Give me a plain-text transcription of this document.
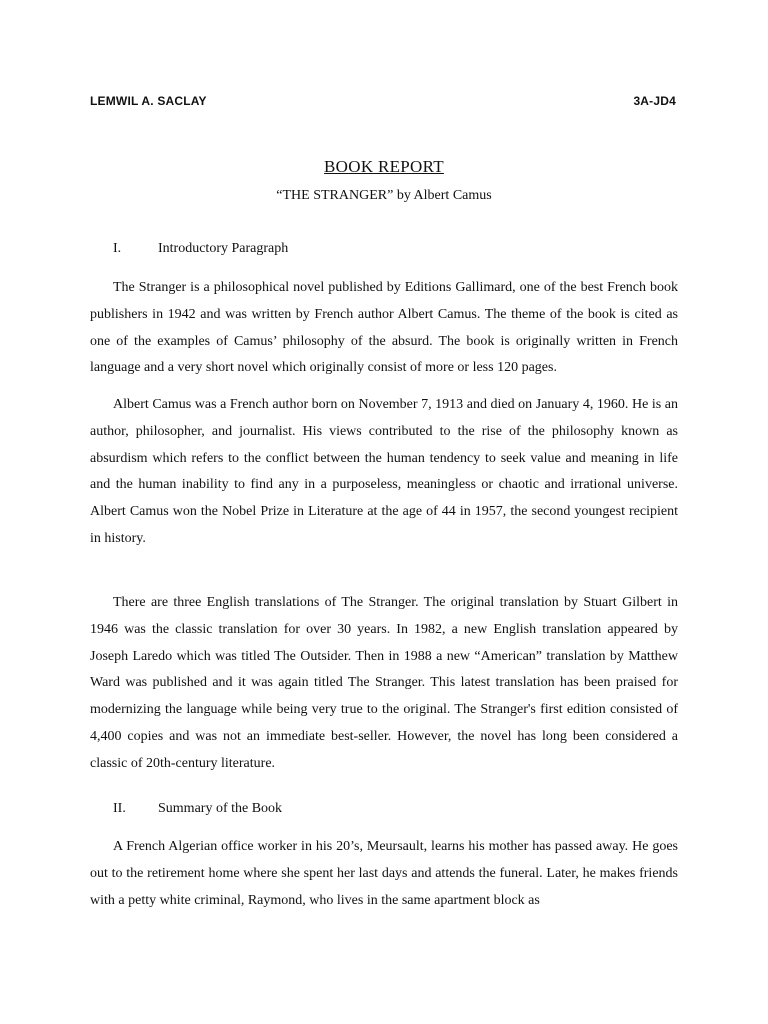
LEMWIL A. SACLAY	3A-JD4
BOOK REPORT
“THE STRANGER” by Albert Camus
I.	Introductory Paragraph

The Stranger is a philosophical novel published by Editions Gallimard, one of the best French book publishers in 1942 and was written by French author Albert Camus. The theme of the book is cited as one of the examples of Camus’ philosophy of the absurd. The book is originally written in French language and a very short novel which originally consist of more or less 120 pages.

Albert Camus was a French author born on November 7, 1913 and died on January 4, 1960. He is an author, philosopher, and journalist. His views contributed to the rise of the philosophy known as absurdism which refers to the conflict between the human tendency to seek value and meaning in life and the human inability to find any in a purposeless, meaningless or chaotic and irrational universe. Albert Camus won the Nobel Prize in Literature at the age of 44 in 1957, the second youngest recipient in history.

There are three English translations of The Stranger. The original translation by Stuart Gilbert in 1946 was the classic translation for over 30 years. In 1982, a new English translation appeared by Joseph Laredo which was titled The Outsider. Then in 1988 a new “American” translation by Matthew Ward was published and it was again titled The Stranger. This latest translation has been praised for modernizing the language while being very true to the original. The Stranger's first edition consisted of 4,400 copies and was not an immediate best-seller. However, the novel has long been considered a classic of 20th-century literature.

II. Summary of the Book

A French Algerian office worker in his 20’s, Meursault, learns his mother has passed away. He goes out to the retirement home where she spent her last days and attends the funeral. Later, he makes friends with a petty white criminal, Raymond, who lives in the same apartment block as
